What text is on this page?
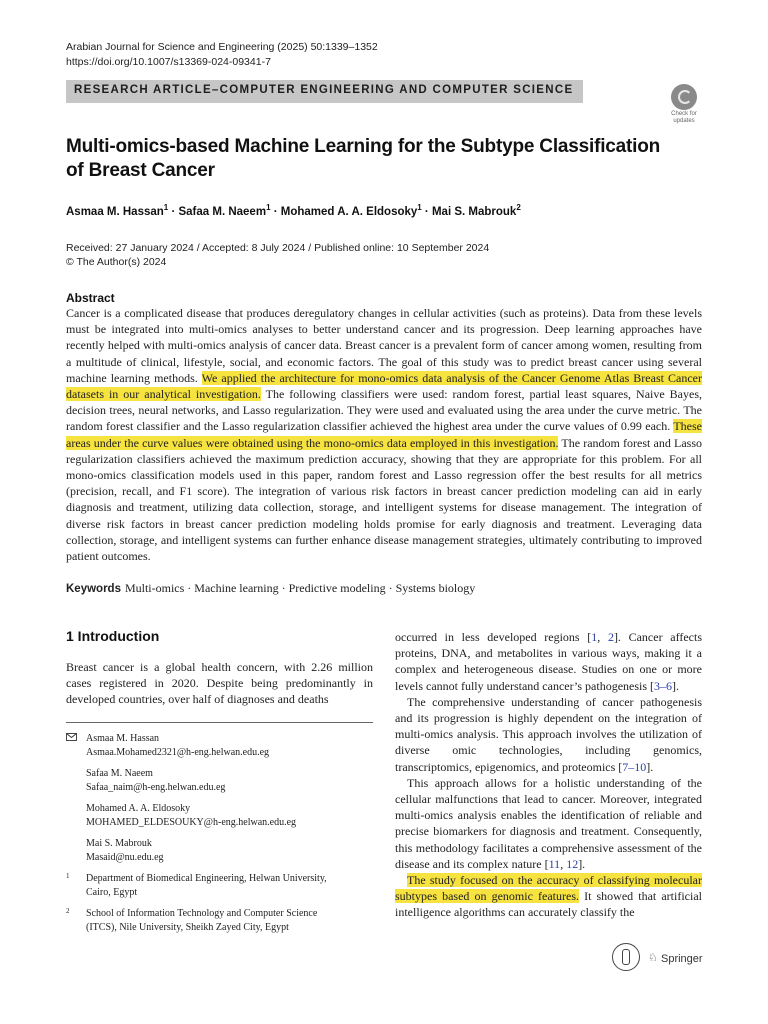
Arabian Journal for Science and Engineering (2025) 50:1339–1352
https://doi.org/10.1007/s13369-024-09341-7
RESEARCH ARTICLE–COMPUTER ENGINEERING AND COMPUTER SCIENCE
Check for updates
Multi-omics-based Machine Learning for the Subtype Classification
of Breast Cancer
Asmaa M. Hassan$^1$ · Safaa M. Naeem$^1$ · Mohamed A. A. Eldosoky$^1$ · Mai S. Mabrouk$^2$
Received: 27 January 2024 / Accepted: 8 July 2024 / Published online: 10 September 2024
© The Author(s) 2024
Abstract
Cancer is a complicated disease that produces deregulatory changes in cellular activities (such as proteins). Data from these levels must be integrated into multi-omics analyses to better understand cancer and its progression. Deep learning approaches have recently helped with multi-omics analysis of cancer data. Breast cancer is a prevalent form of cancer among women, resulting from a multitude of clinical, lifestyle, social, and economic factors. The goal of this study was to predict breast cancer using several machine learning methods. We applied the architecture for mono-omics data analysis of the Cancer Genome Atlas Breast Cancer datasets in our analytical investigation. The following classifiers were used: random forest, partial least squares, Naive Bayes, decision trees, neural networks, and Lasso regularization. They were used and evaluated using the area under the curve metric. The random forest classifier and the Lasso regularization classifier achieved the highest area under the curve values of 0.99 each. These areas under the curve values were obtained using the mono-omics data employed in this investigation. The random forest and Lasso regularization classifiers achieved the maximum prediction accuracy, showing that they are appropriate for this problem. For all mono-omics classification models used in this paper, random forest and Lasso regression offer the best results for all metrics (precision, recall, and F1 score). The integration of various risk factors in breast cancer prediction modeling can aid in early diagnosis and treatment, utilizing data collection, storage, and intelligent systems for disease management. The integration of diverse risk factors in breast cancer prediction modeling holds promise for early diagnosis and treatment. Leveraging data collection, storage, and intelligent systems can further enhance disease management strategies, ultimately contributing to improved patient outcomes.
Keywords Multi-omics · Machine learning · Predictive modeling · Systems biology
1 Introduction

Breast cancer is a global health concern, with 2.26 million cases registered in 2020. Despite being predominantly in developed countries, over half of diagnoses and deaths

Asmaa M. Hassan
Asmaa.Mohamed2321@h-eng.helwan.edu.eg
Safaa M. Naeem
Safaa_naim@h-eng.helwan.edu.eg
Mohamed A. A. Eldosoky
MOHAMED_ELDESOUKY@h-eng.helwan.edu.eg
Mai S. Mabrouk
Masaid@nu.edu.eg
1 Department of Biomedical Engineering, Helwan University,
Cairo, Egypt
2 School of Information Technology and Computer Science
(ITCS), Nile University, Sheikh Zayed City, Egypt

occurred in less developed regions [1, 2]. Cancer affects proteins, DNA, and metabolites in various ways, making it a complex and heterogeneous disease. Studies on one or more levels cannot fully understand cancer’s pathogenesis [3–6].

The comprehensive understanding of cancer pathogenesis and its progression is highly dependent on the integration of multi-omics analysis. This approach involves the utilization of diverse omic technologies, including genomics, transcriptomics, epigenomics, and proteomics [7–10].

This approach allows for a holistic understanding of the cellular malfunctions that lead to cancer. Moreover, integrated multi-omics analysis enables the identification of reliable and precise biomarkers for diagnosis and treatment. Consequently, this methodology facilitates a comprehensive assessment of the disease and its complex nature [11, 12].

The study focused on the accuracy of classifying molecular subtypes based on genomic features. It showed that artificial intelligence algorithms can accurately classify the

♘ Springer
